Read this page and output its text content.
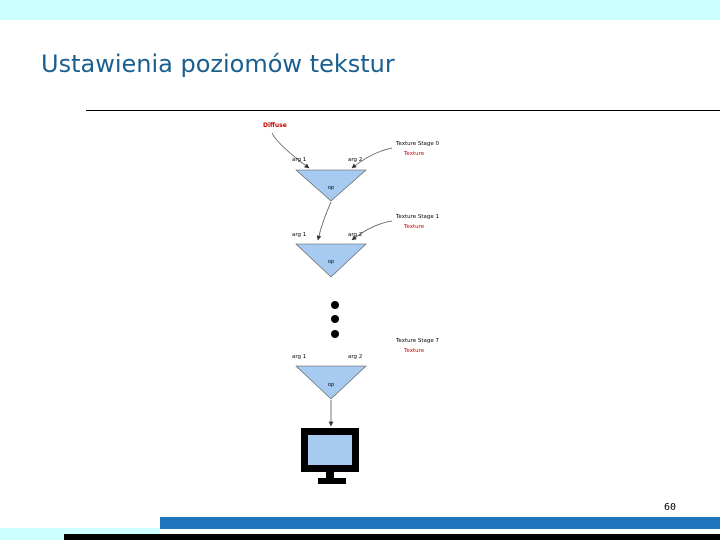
Ustawienia poziomów tekstur
Diffuse
Texture Stage 0
Texture
arg 1	arg 2
op
Texture Stage 1
Texture
arg 1	arg 2
op
Texture Stage 7
Texture
arg 1	arg 2
op
60
